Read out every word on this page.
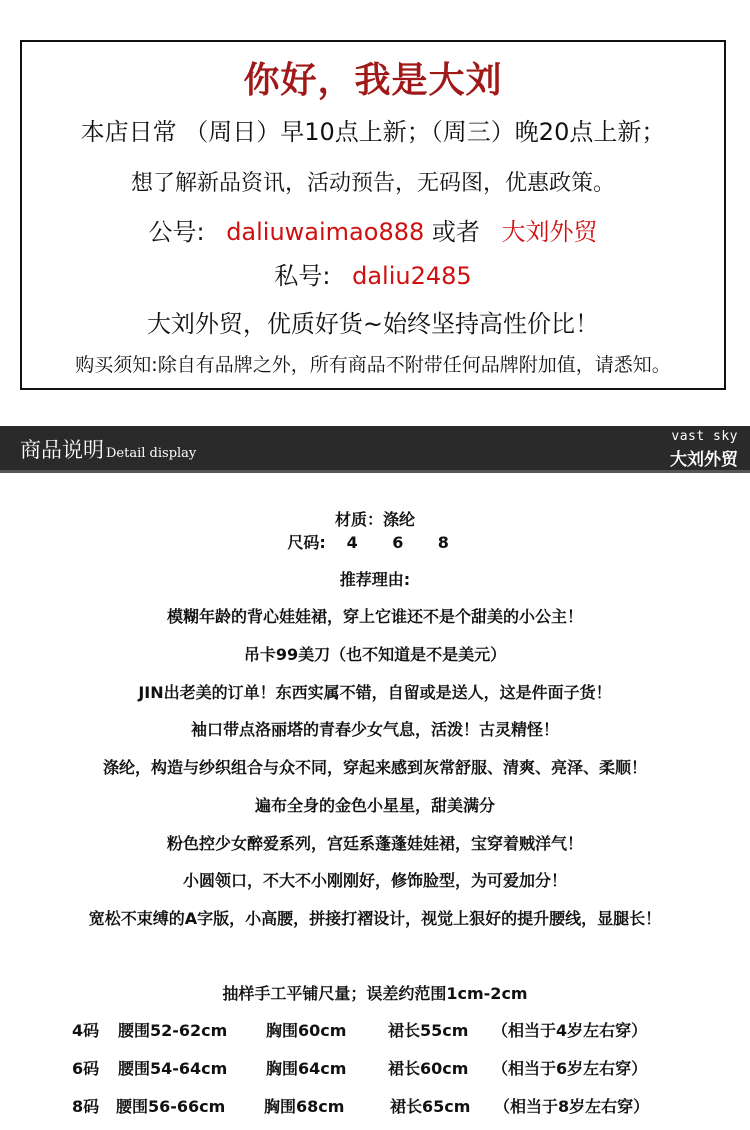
你好，我是大刘
本店日常 （周日）早10点上新；（周三）晚20点上新；
想了解新品资讯，活动预告，无码图，优惠政策。
公号: daliuwaimao888 或者 大刘外贸
私号: daliu2485
大刘外贸，优质好货~始终坚持高性价比！
购买须知:除自有品牌之外，所有商品不附带任何品牌附加值，请悉知。
商品说明 Detail display
vast sky
大刘外贸
材质：涤纶
尺码: 4 6 8
推荐理由:
模糊年龄的背心娃娃裙，穿上它谁还不是个甜美的小公主！
吊卡99美刀（也不知道是不是美元）
JIN出老美的订单！东西实属不错，自留或是送人，这是件面子货！
袖口带点洛丽塔的青春少女气息，活泼！古灵精怪！
涤纶，构造与纱织组合与众不同，穿起来感到灰常舒服、清爽、亮泽、柔顺！
遍布全身的金色小星星，甜美满分
粉色控少女醉爱系列，宫廷系蓬蓬娃娃裙，宝穿着贼洋气！
小圆领口，不大不小刚刚好，修饰脸型，为可爱加分！
宽松不束缚的A字版，小高腰，拼接打褶设计，视觉上狠好的提升腰线，显腿长！
抽样手工平铺尺量；误差约范围1cm-2cm
4码 腰围52-62cm 胸围60cm	裙长55cm （相当于4岁左右穿）
6码 腰围54-64cm 胸围64cm	裙长60cm （相当于6岁左右穿）
8码 腰围56-66cm 胸围68cm	裙长65cm （相当于8岁左右穿）
